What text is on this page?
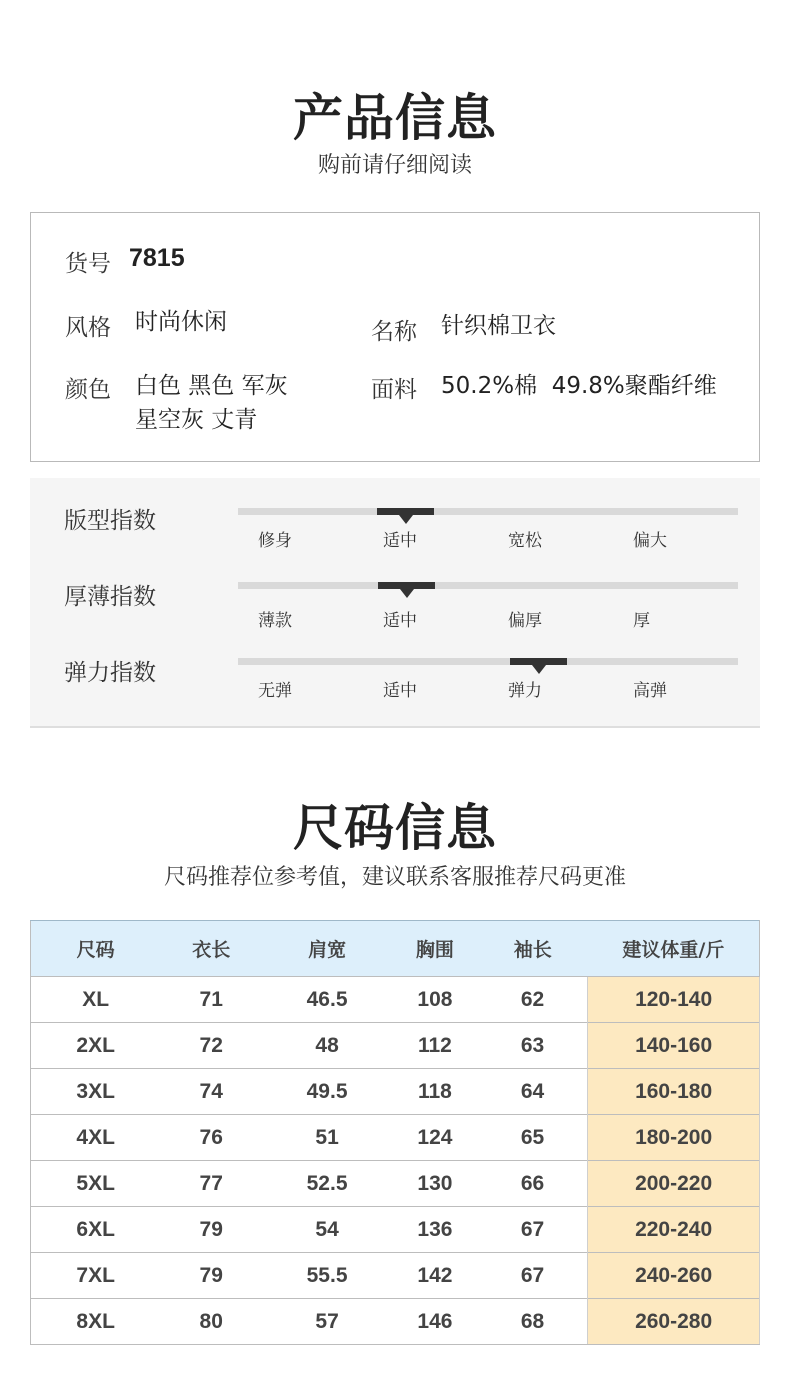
产品信息
购前请仔细阅读
货号 7815
风格 时尚休闲	名称 针织棉卫衣
颜色 白色 黑色 军灰
星空灰 丈青
面料 50.2%棉  49.8%聚酯纤维
版型指数
修身	适中	宽松	偏大
厚薄指数
薄款	适中	偏厚	厚
弹力指数
无弹	适中	弹力	高弹
尺码信息
尺码推荐位参考值，建议联系客服推荐尺码更准
尺码	衣长	肩宽	胸围	袖长	建议体重/斤
XL	71	46.5	108	62	120-140
2XL	72	48	112	63	140-160
3XL	74	49.5	118	64	160-180
4XL	76	51	124	65	180-200
5XL	77	52.5	130	66	200-220
6XL	79	54	136	67	220-240
7XL	79	55.5	142	67	240-260
8XL	80	57	146	68	260-280
